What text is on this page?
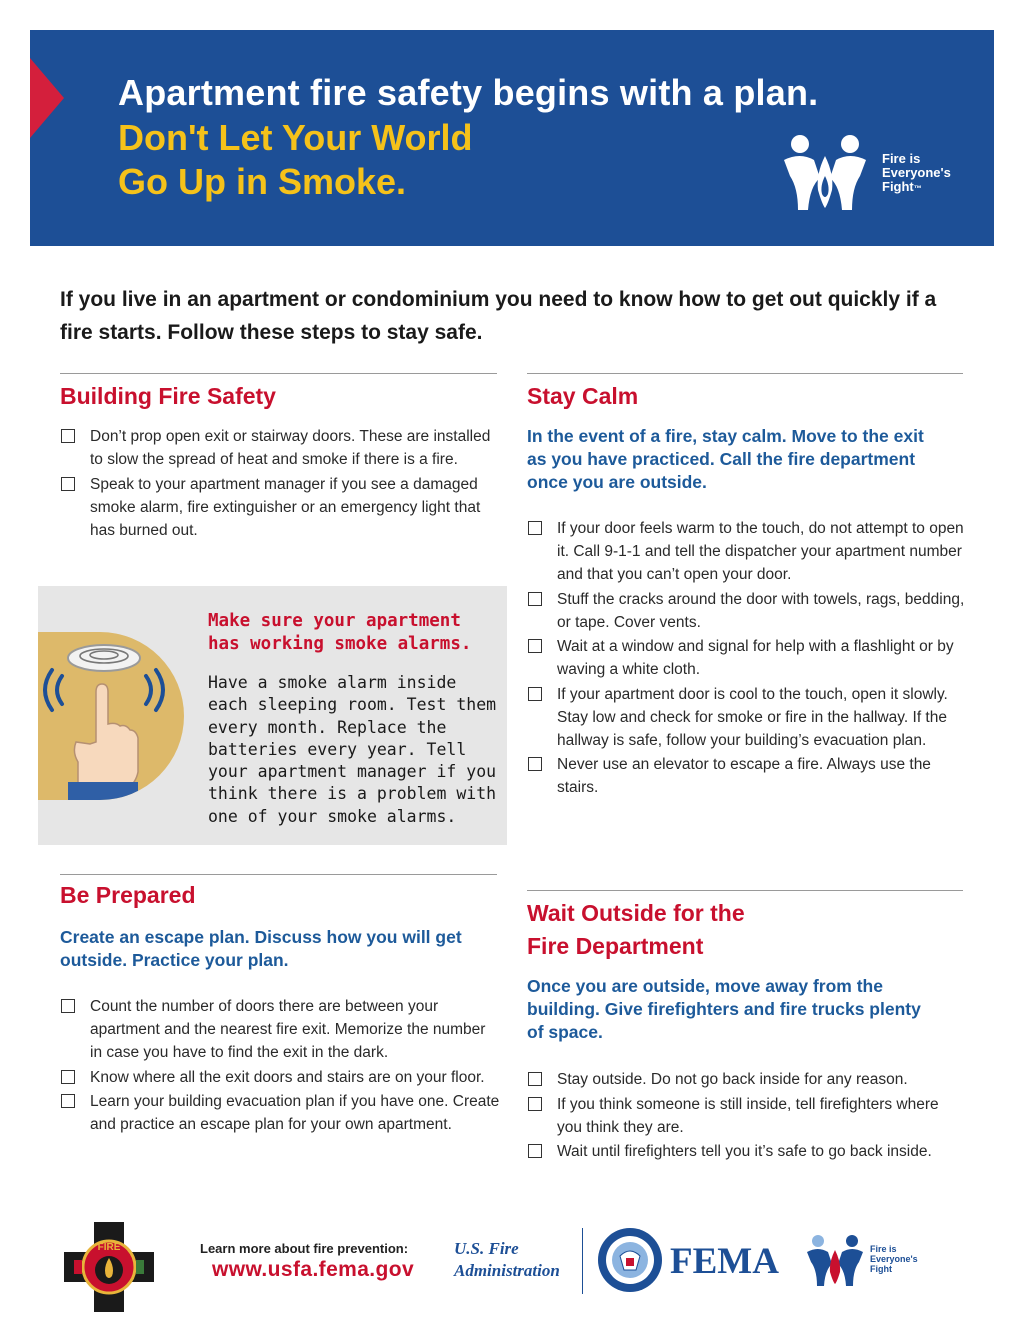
Apartment fire safety begins with a plan.
Don't Let Your World
Go Up in Smoke.
Fire is
Everyone's
Fight™
If you live in an apartment or condominium you need to know how to get out quickly if a fire starts. Follow these steps to stay safe.
Building Fire Safety
Don’t prop open exit or stairway doors. These are installed to slow the spread of heat and smoke if there is a fire.
Speak to your apartment manager if you see a damaged smoke alarm, fire extinguisher or an emergency light that has burned out.
Make sure your apartment has working smoke alarms.
Have a smoke alarm inside each sleeping room. Test them every month. Replace the batteries every year. Tell your apartment manager if you think there is a problem with one of your smoke alarms.
Be Prepared
Create an escape plan. Discuss how you will get outside. Practice your plan.
Count the number of doors there are between your apartment and the nearest fire exit. Memorize the number in case you have to find the exit in the dark.
Know where all the exit doors and stairs are on your floor.
Learn your building evacuation plan if you have one. Create and practice an escape plan for your own apartment.
Stay Calm
In the event of a fire, stay calm. Move to the exit as you have practiced. Call the fire department once you are outside.
If your door feels warm to the touch, do not attempt to open it. Call 9-1-1 and tell the dispatcher your apartment number and that you can’t open your door.
Stuff the cracks around the door with towels, rags, bedding, or tape. Cover vents.
Wait at a window and signal for help with a flashlight or by waving a white cloth.
If your apartment door is cool to the touch, open it slowly. Stay low and check for smoke or fire in the hallway. If the hallway is safe, follow your building’s evacuation plan.
Never use an elevator to escape a fire. Always use the stairs.
Wait Outside for the
Fire Department
Once you are outside, move away from the building. Give firefighters and fire trucks plenty of space.
Stay outside. Do not go back inside for any reason.
If you think someone is still inside, tell firefighters where you think they are.
Wait until firefighters tell you it’s safe to go back inside.
FIRE	Learn more about fire prevention:
www.usfa.fema.gov
U.S. Fire
Administration	FEMA	Fire is
Everyone's
Fight
